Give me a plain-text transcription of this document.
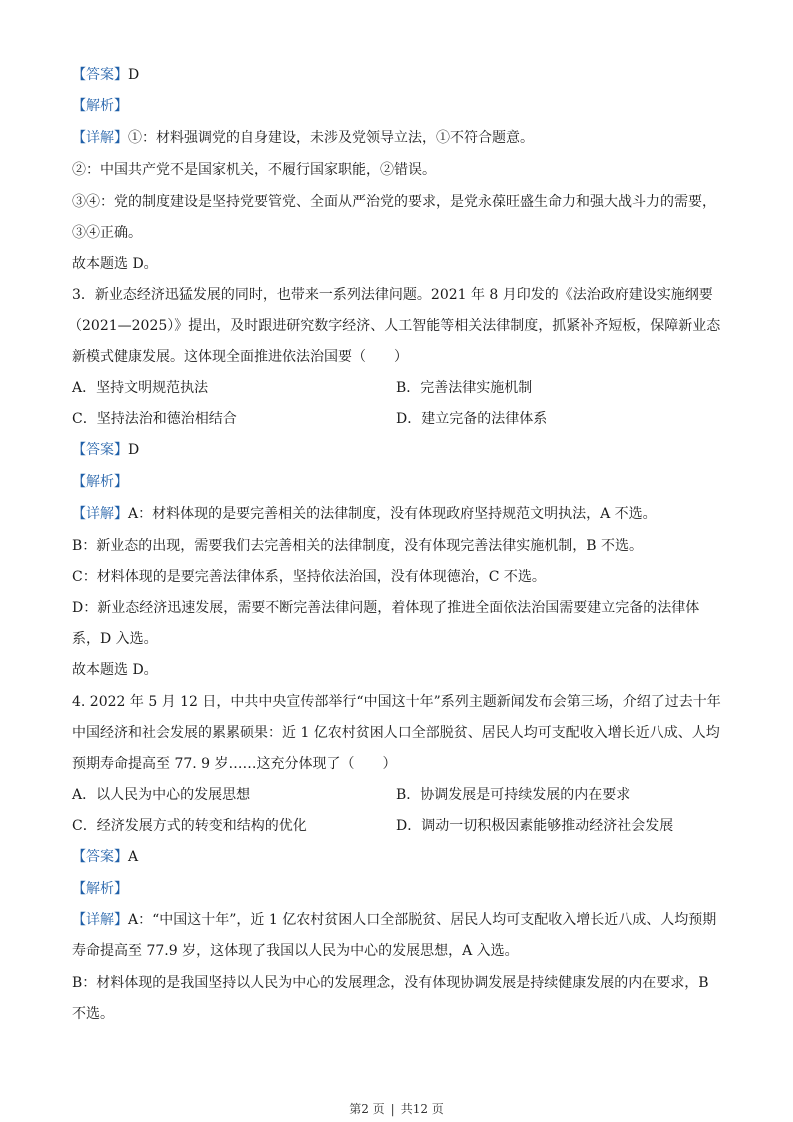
【答案】D
【解析】
【详解】①：材料强调党的自身建设，未涉及党领导立法，①不符合题意。
②：中国共产党不是国家机关，不履行国家职能，②错误。
③④：党的制度建设是坚持党要管党、全面从严治党的要求，是党永葆旺盛生命力和强大战斗力的需要，
③④正确。
故本题选 D。
3．新业态经济迅猛发展的同时，也带来一系列法律问题。2021 年 8 月印发的《法治政府建设实施纲要
（2021—2025）》提出，及时跟进研究数字经济、人工智能等相关法律制度，抓紧补齐短板，保障新业态
新模式健康发展。这体现全面推进依法治国要（　　）
A．坚持文明规范执法	B．完善法律实施机制
C．坚持法治和德治相结合	D．建立完备的法律体系
【答案】D
【解析】
【详解】A：材料体现的是要完善相关的法律制度，没有体现政府坚持规范文明执法，A 不选。
B：新业态的出现，需要我们去完善相关的法律制度，没有体现完善法律实施机制，B 不选。
C：材料体现的是要完善法律体系，坚持依法治国，没有体现德治，C 不选。
D：新业态经济迅速发展，需要不断完善法律问题，着体现了推进全面依法治国需要建立完备的法律体
系，D 入选。
故本题选 D。
4. 2022 年 5 月 12 日，中共中央宣传部举行“中国这十年”系列主题新闻发布会第三场，介绍了过去十年
中国经济和社会发展的累累硕果：近 1 亿农村贫困人口全部脱贫、居民人均可支配收入增长近八成、人均
预期寿命提高至 77. 9 岁……这充分体现了（　　）
A．以人民为中心的发展思想	B．协调发展是可持续发展的内在要求
C．经济发展方式的转变和结构的优化	D．调动一切积极因素能够推动经济社会发展
【答案】A
【解析】
【详解】A：“中国这十年”，近 1 亿农村贫困人口全部脱贫、居民人均可支配收入增长近八成、人均预期
寿命提高至 77.9 岁，这体现了我国以人民为中心的发展思想，A 入选。
B：材料体现的是我国坚持以人民为中心的发展理念，没有体现协调发展是持续健康发展的内在要求，B
不选。
第2 页 | 共12 页
